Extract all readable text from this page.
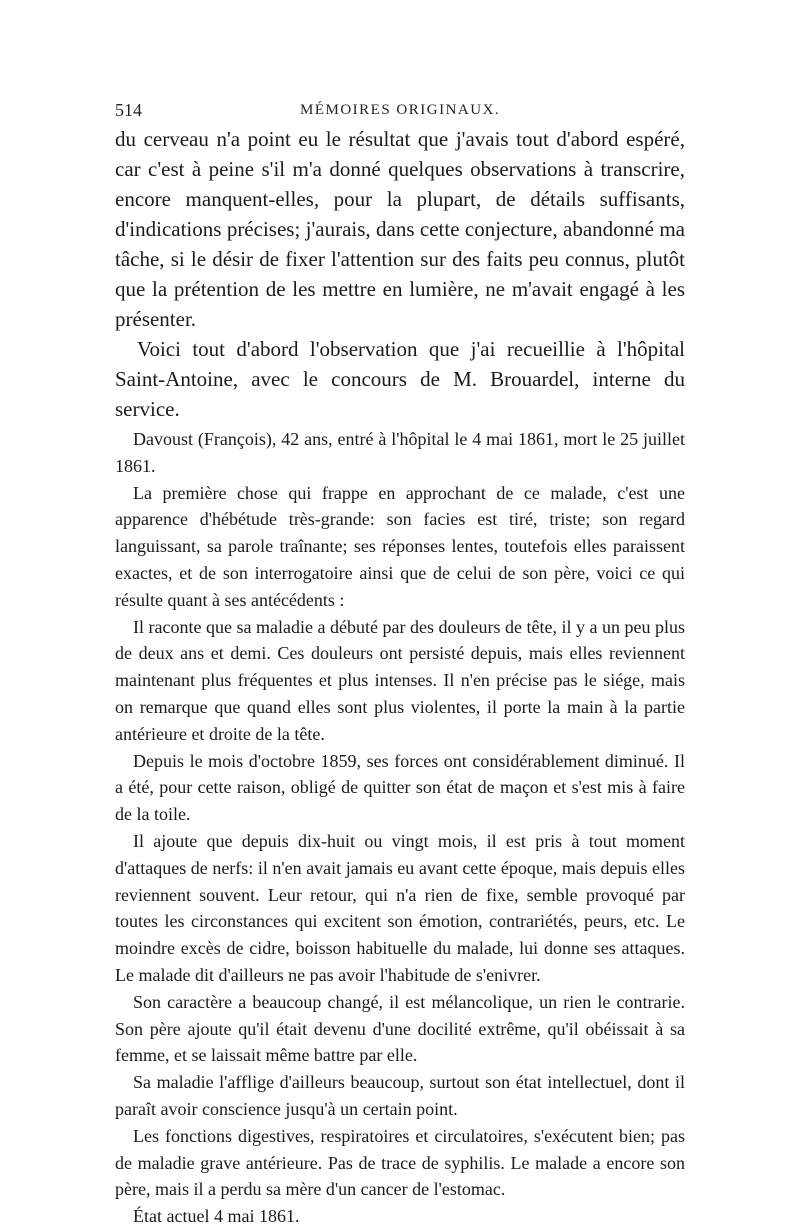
514	MÉMOIRES ORIGINAUX.

du cerveau n'a point eu le résultat que j'avais tout d'abord espéré, car c'est à peine s'il m'a donné quelques observations à transcrire, encore manquent-elles, pour la plupart, de détails suffisants, d'indications précises; j'aurais, dans cette conjecture, abandonné ma tâche, si le désir de fixer l'attention sur des faits peu connus, plutôt que la prétention de les mettre en lumière, ne m'avait engagé à les présenter.

Voici tout d'abord l'observation que j'ai recueillie à l'hôpital Saint-Antoine, avec le concours de M. Brouardel, interne du service.

Davoust (François), 42 ans, entré à l'hôpital le 4 mai 1861, mort le 25 juillet 1861.

La première chose qui frappe en approchant de ce malade, c'est une apparence d'hébétude très-grande: son facies est tiré, triste; son regard languissant, sa parole traînante; ses réponses lentes, toutefois elles paraissent exactes, et de son interrogatoire ainsi que de celui de son père, voici ce qui résulte quant à ses antécédents :

Il raconte que sa maladie a débuté par des douleurs de tête, il y a un peu plus de deux ans et demi. Ces douleurs ont persisté depuis, mais elles reviennent maintenant plus fréquentes et plus intenses. Il n'en précise pas le siége, mais on remarque que quand elles sont plus violentes, il porte la main à la partie antérieure et droite de la tête.

Depuis le mois d'octobre 1859, ses forces ont considérablement diminué. Il a été, pour cette raison, obligé de quitter son état de maçon et s'est mis à faire de la toile.

Il ajoute que depuis dix-huit ou vingt mois, il est pris à tout moment d'attaques de nerfs: il n'en avait jamais eu avant cette époque, mais depuis elles reviennent souvent. Leur retour, qui n'a rien de fixe, semble provoqué par toutes les circonstances qui excitent son émotion, contrariétés, peurs, etc. Le moindre excès de cidre, boisson habituelle du malade, lui donne ses attaques. Le malade dit d'ailleurs ne pas avoir l'habitude de s'enivrer.

Son caractère a beaucoup changé, il est mélancolique, un rien le contrarie. Son père ajoute qu'il était devenu d'une docilité extrême, qu'il obéissait à sa femme, et se laissait même battre par elle.

Sa maladie l'afflige d'ailleurs beaucoup, surtout son état intellectuel, dont il paraît avoir conscience jusqu'à un certain point.

Les fonctions digestives, respiratoires et circulatoires, s'exécutent bien; pas de maladie grave antérieure. Pas de trace de syphilis. Le malade a encore son père, mais il a perdu sa mère d'un cancer de l'estomac.

État actuel 4 mai 1861.
